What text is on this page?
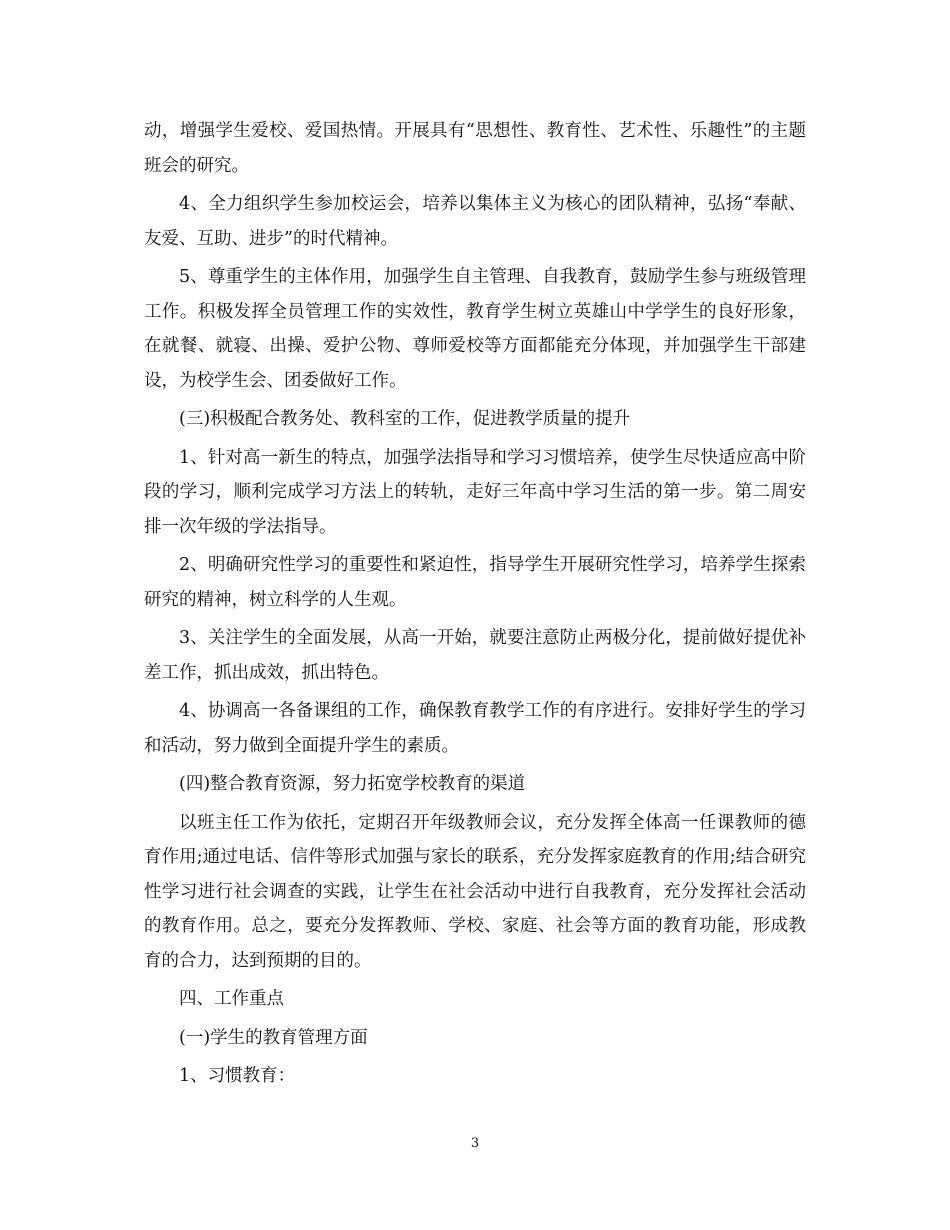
动，增强学生爱校、爱国热情。开展具有“思想性、教育性、艺术性、乐趣性”的主题班会的研究。

4、全力组织学生参加校运会，培养以集体主义为核心的团队精神，弘扬“奉献、友爱、互助、进步”的时代精神。

5、尊重学生的主体作用，加强学生自主管理、自我教育，鼓励学生参与班级管理工作。积极发挥全员管理工作的实效性，教育学生树立英雄山中学学生的良好形象，在就餐、就寝、出操、爱护公物、尊师爱校等方面都能充分体现，并加强学生干部建设，为校学生会、团委做好工作。

(三)积极配合教务处、教科室的工作，促进教学质量的提升

1、针对高一新生的特点，加强学法指导和学习习惯培养，使学生尽快适应高中阶段的学习，顺利完成学习方法上的转轨，走好三年高中学习生活的第一步。第二周安排一次年级的学法指导。

2、明确研究性学习的重要性和紧迫性，指导学生开展研究性学习，培养学生探索研究的精神，树立科学的人生观。

3、关注学生的全面发展，从高一开始，就要注意防止两极分化，提前做好提优补差工作，抓出成效，抓出特色。

4、协调高一各备课组的工作，确保教育教学工作的有序进行。安排好学生的学习和活动，努力做到全面提升学生的素质。

(四)整合教育资源，努力拓宽学校教育的渠道

以班主任工作为依托，定期召开年级教师会议，充分发挥全体高一任课教师的德育作用;通过电话、信件等形式加强与家长的联系，充分发挥家庭教育的作用;结合研究性学习进行社会调查的实践，让学生在社会活动中进行自我教育，充分发挥社会活动的教育作用。总之，要充分发挥教师、学校、家庭、社会等方面的教育功能，形成教育的合力，达到预期的目的。

四、工作重点

(一)学生的教育管理方面

1、习惯教育：

3
